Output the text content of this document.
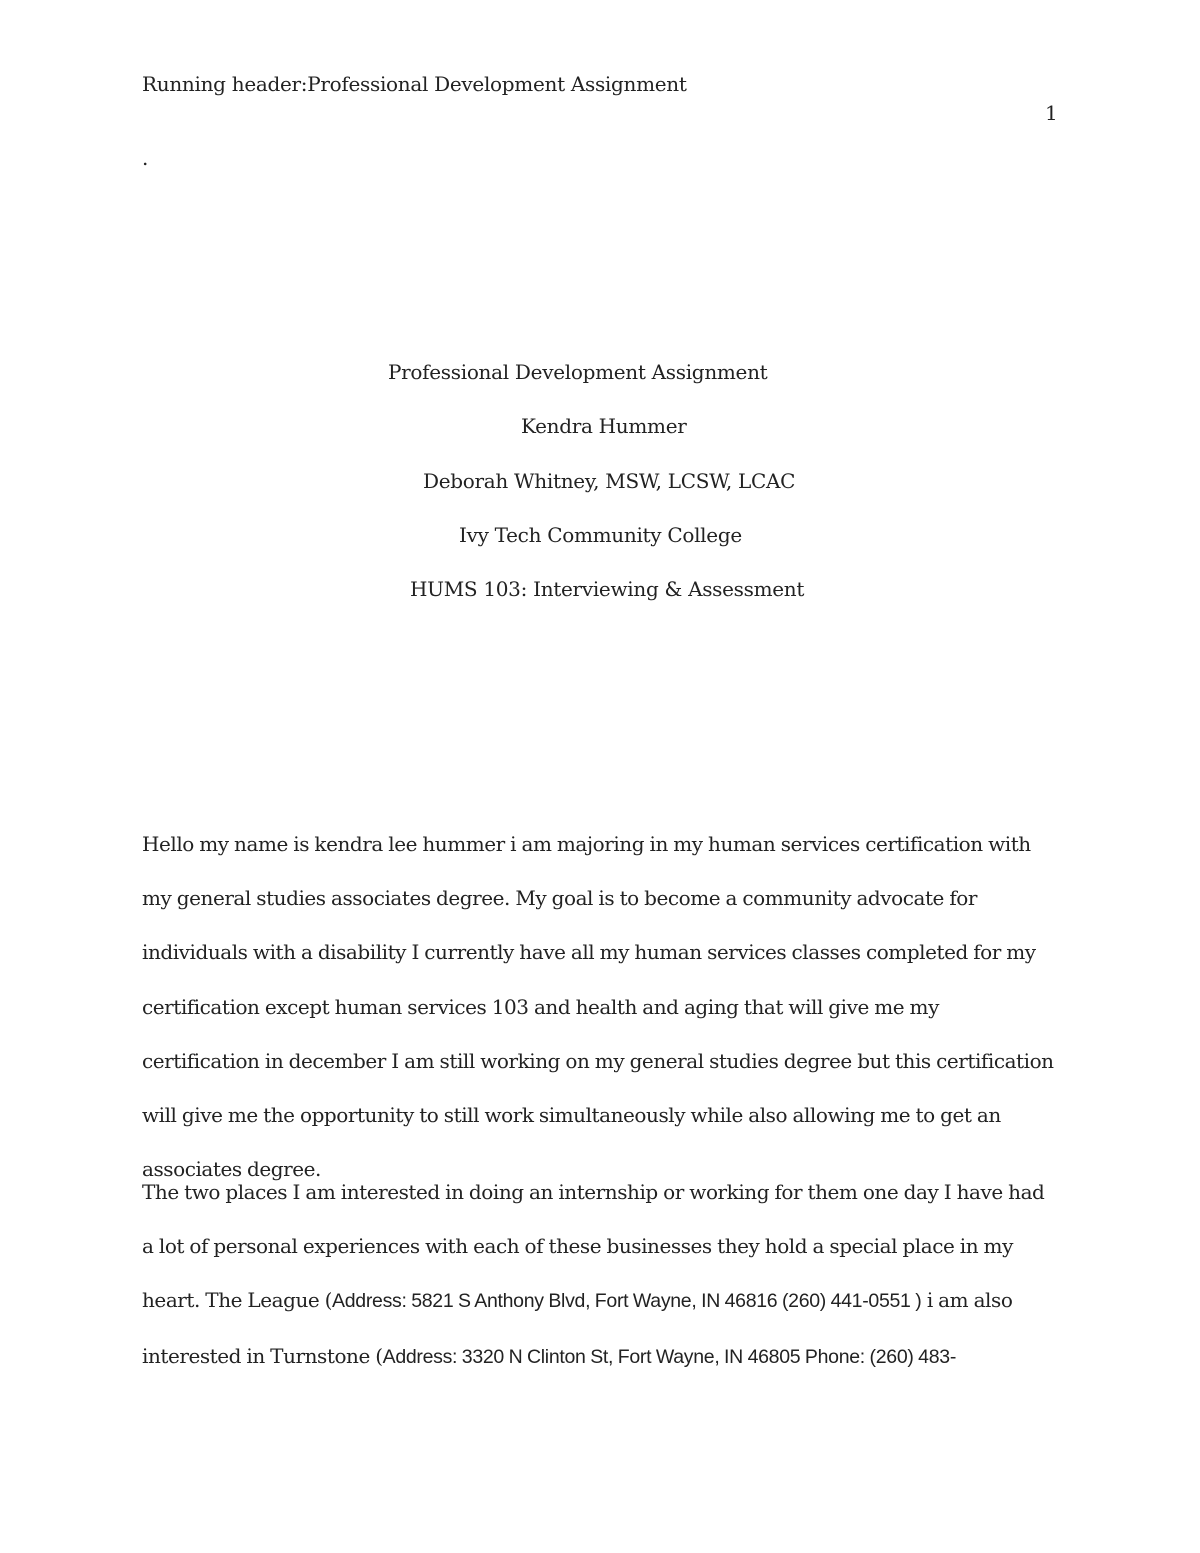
Running header:Professional Development Assignment
1
.
Professional Development Assignment
Kendra Hummer
Deborah Whitney, MSW, LCSW, LCAC
Ivy Tech Community College
HUMS 103: Interviewing & Assessment
Hello my name is kendra lee hummer i am majoring in my human services certification with my general studies associates degree. My goal is to become a community advocate for individuals with a disability I currently have all my human services classes completed for my certification except human services 103 and health and aging that will give me my certification in december I am still working on my general studies degree but this certification will give me the opportunity to still work simultaneously while also allowing me to get an associates degree.
The two places I am interested in doing an internship or working for them one day I have had a lot of personal experiences with each of these businesses they hold a special place in my heart. The League (Address: 5821 S Anthony Blvd, Fort Wayne, IN 46816 (260) 441-0551 ) i am also interested in Turnstone (Address: 3320 N Clinton St, Fort Wayne, IN 46805 Phone: (260) 483-
